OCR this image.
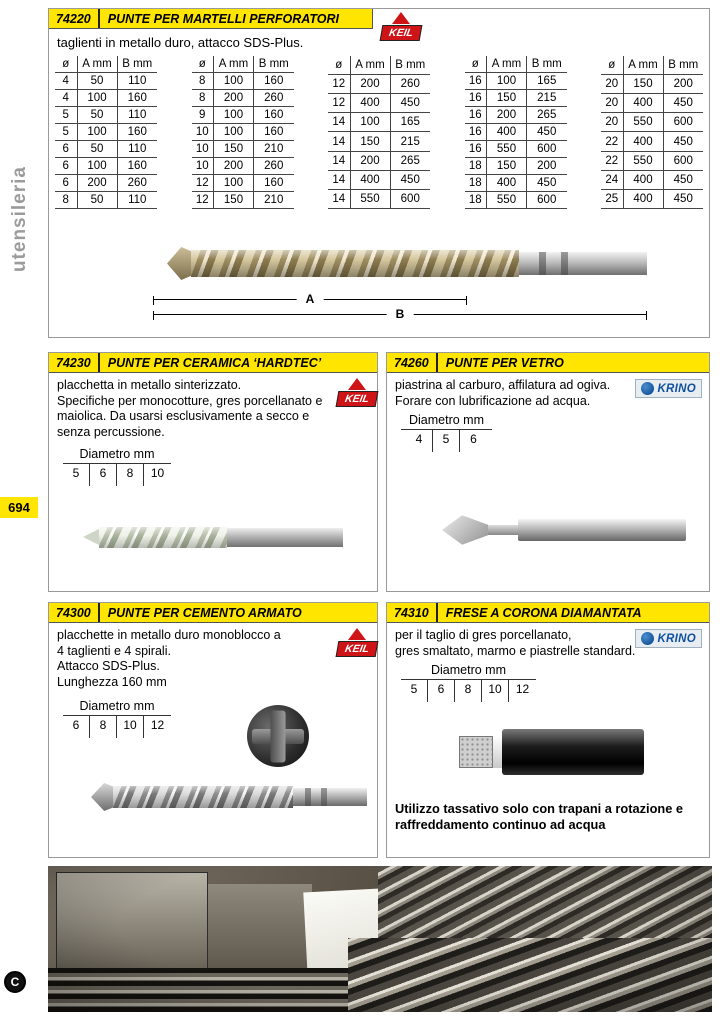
utensileria
694
C
74220	PUNTE PER MARTELLI PERFORATORI
KEIL
taglienti in metallo duro, attacco SDS-Plus.
ø	A mm	B mm
4	50	110
4	100	160
5	50	110
5	100	160
6	50	110
6	100	160
6	200	260
8	50	110
ø	A mm	B mm
8	100	160
8	200	260
9	100	160
10	100	160
10	150	210
10	200	260
12	100	160
12	150	210
ø	A mm	B mm
12	200	260
12	400	450
14	100	165
14	150	215
14	200	265
14	400	450
14	550	600
ø	A mm	B mm
16	100	165
16	150	215
16	200	265
16	400	450
16	550	600
18	150	200
18	400	450
18	550	600
ø	A mm	B mm
20	150	200
20	400	450
20	550	600
22	400	450
22	550	600
24	400	450
25	400	450
A
B
74230	PUNTE PER CERAMICA ‘HARDTEC’
placchetta in metallo sinterizzato.
Specifiche per monocotture, gres porcellanato e
maiolica. Da usarsi esclusivamente a secco e
senza percussione.
KEIL
Diametro mm
5	6	8	10
74260	PUNTE PER VETRO
piastrina al carburo, affilatura ad ogiva.
Forare con lubrificazione ad acqua.
KRINO
Diametro mm
4	5	6
74300	PUNTE PER CEMENTO ARMATO
placchette in metallo duro monoblocco a
4 taglienti e 4 spirali.
Attacco SDS-Plus.
Lunghezza 160 mm
KEIL
Diametro mm
6	8	10	12
74310	FRESE A CORONA DIAMANTATA
per il taglio di gres porcellanato,
gres smaltato, marmo e piastrelle standard.
KRINO
Diametro mm
5	6	8	10	12
Utilizzo tassativo solo con trapani a rotazione e
raffreddamento continuo ad acqua
